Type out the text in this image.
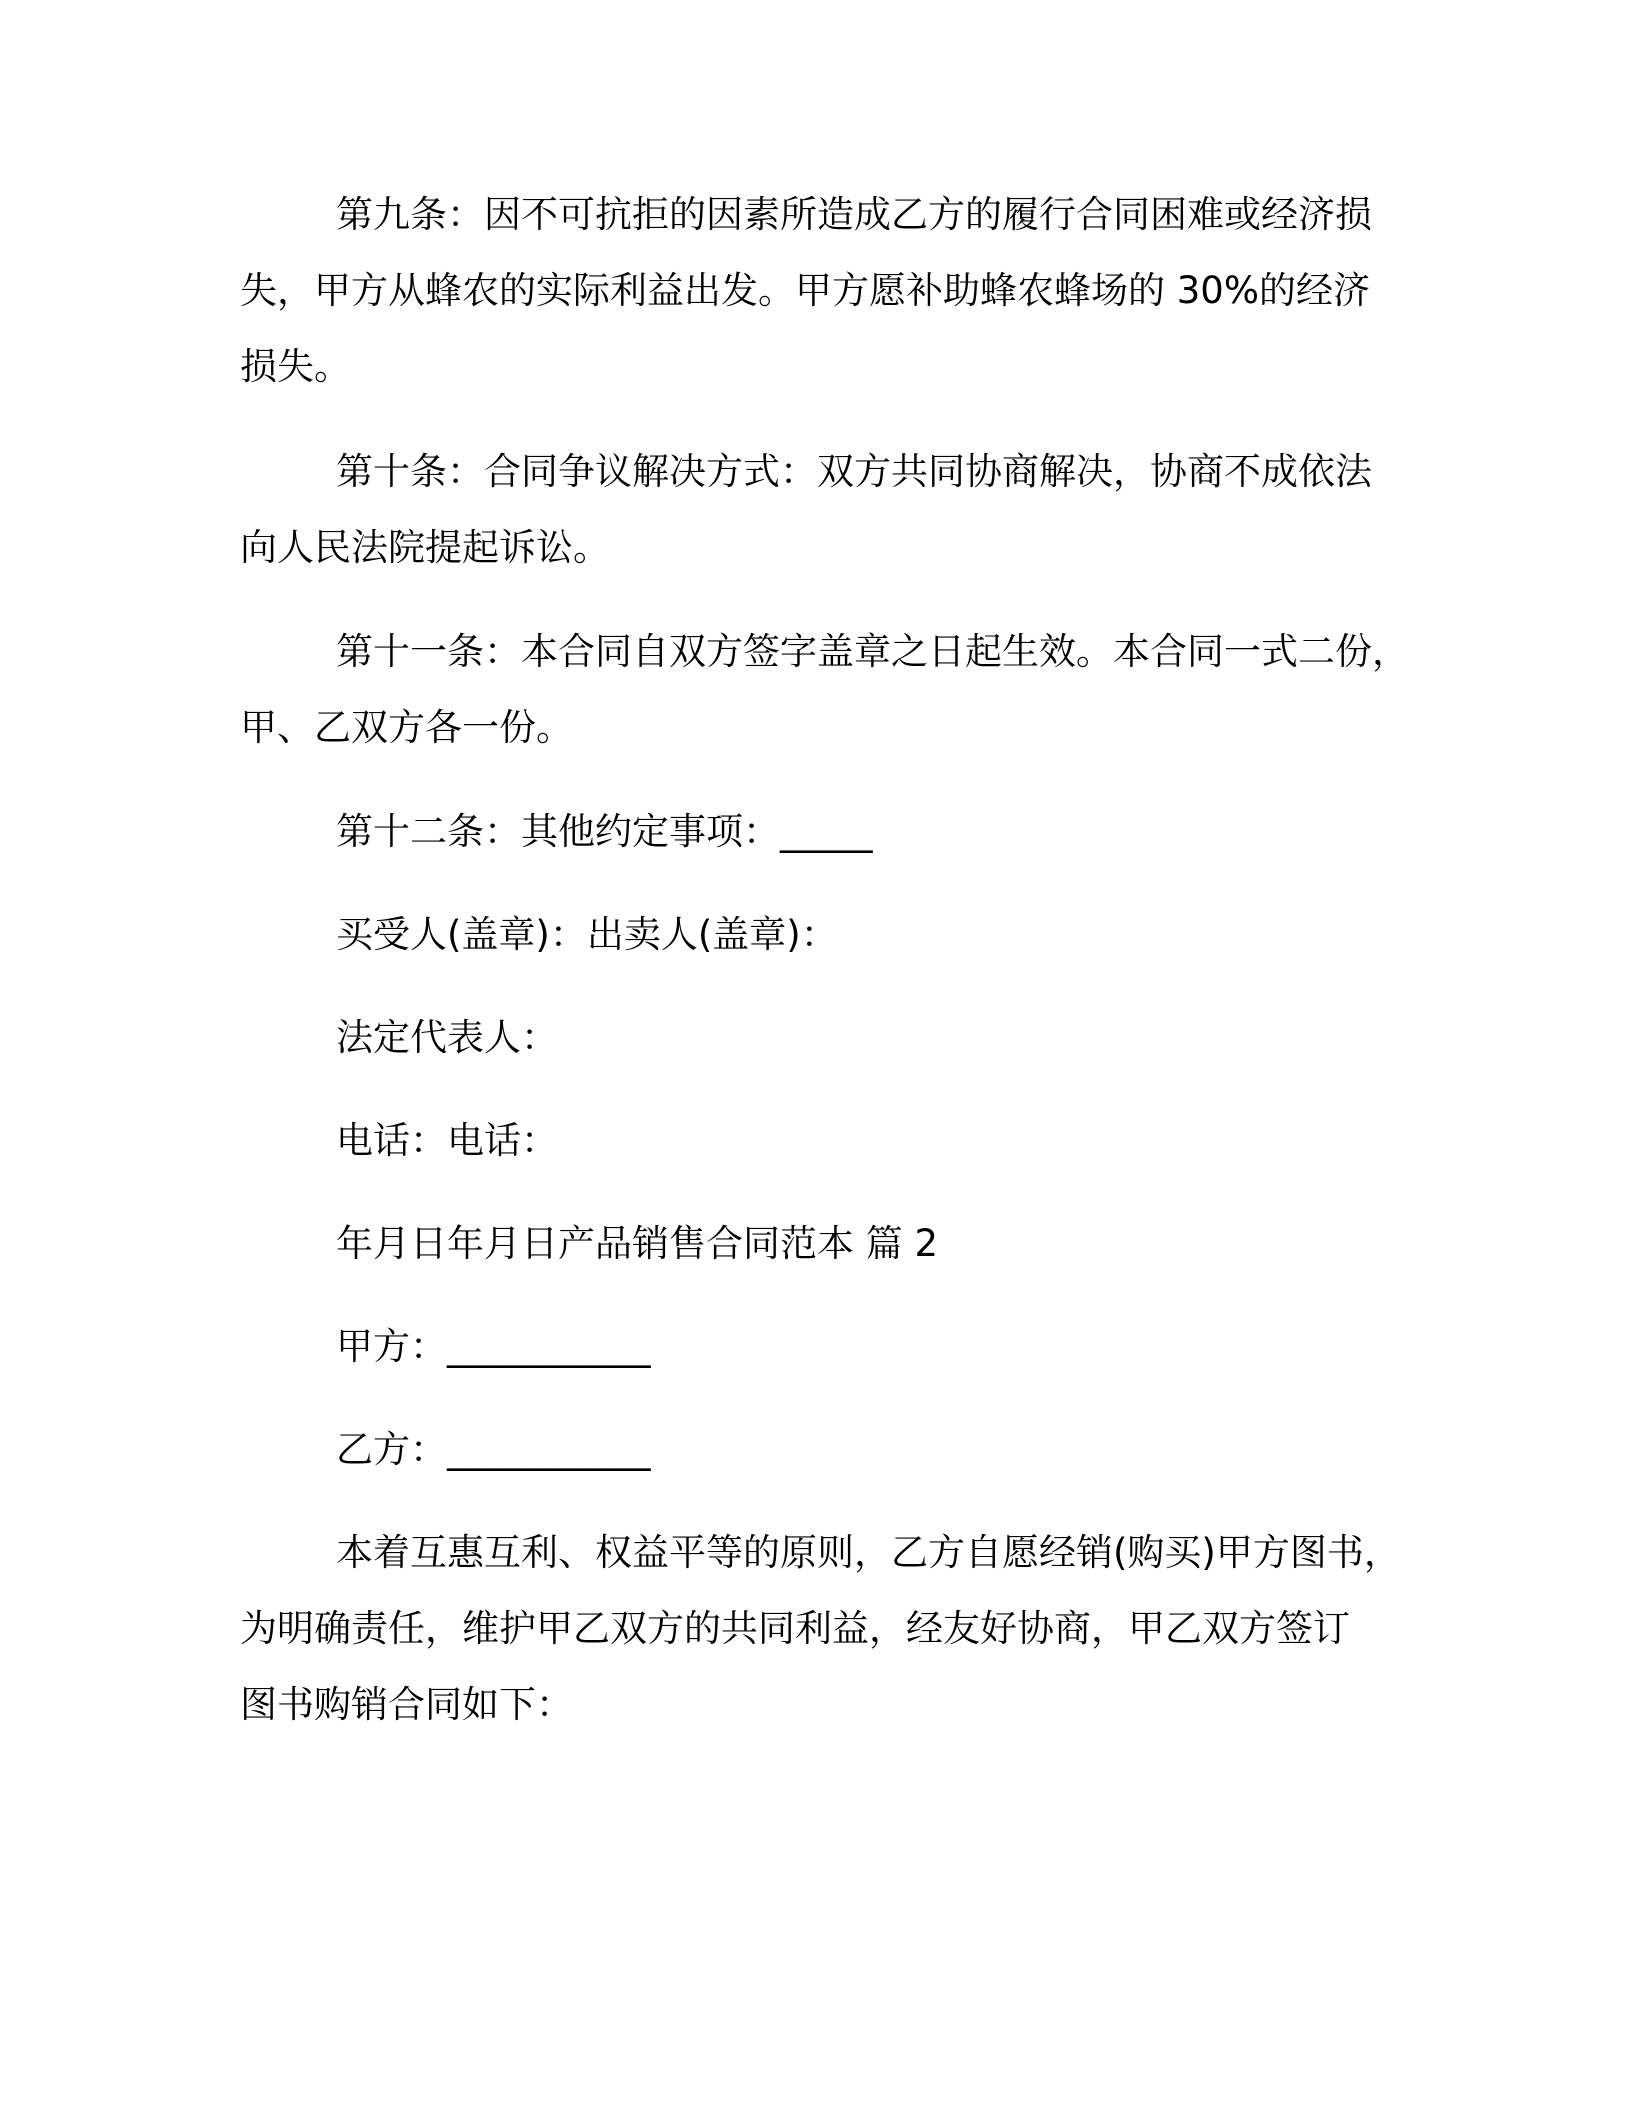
第九条：因不可抗拒的因素所造成乙方的履行合同困难或经济损
失，甲方从蜂农的实际利益出发。甲方愿补助蜂农蜂场的 30%的经济
损失。
第十条：合同争议解决方式：双方共同协商解决，协商不成依法
向人民法院提起诉讼。
第十一条：本合同自双方签字盖章之日起生效。本合同一式二份，
甲、乙双方各一份。
第十二条：其他约定事项：_____
买受人(盖章)：出卖人(盖章)：
法定代表人：
电话：电话：
年月日年月日产品销售合同范本 篇 2
甲方：___________
乙方：___________
本着互惠互利、权益平等的原则，乙方自愿经销(购买)甲方图书，
为明确责任，维护甲乙双方的共同利益，经友好协商，甲乙双方签订
图书购销合同如下：
